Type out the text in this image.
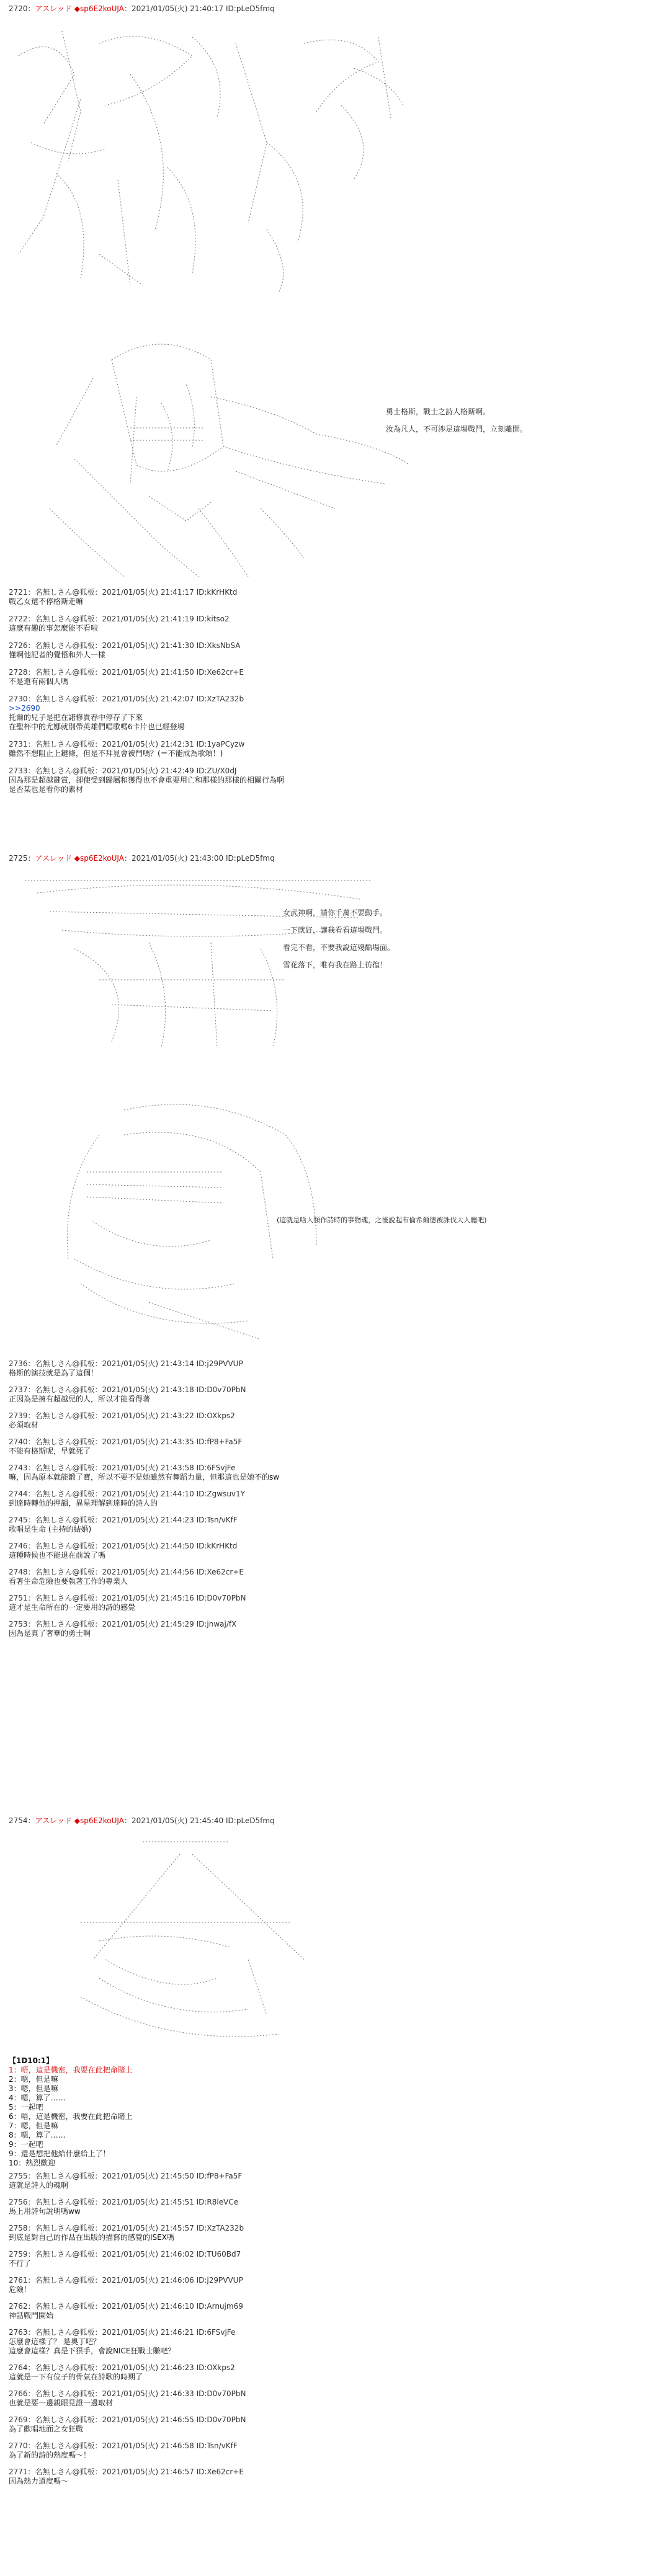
2720：アスレッド ◆sp6E2koUJA：2021/01/05(火) 21:40:17 ID:pLeD5fmq
勇士格斯，戰士之詩人格斯啊。
汝為凡人，不可涉足這場戰鬥，立刻離開。
2721：名無しさん@狐板：2021/01/05(火) 21:41:17 ID:kKrHKtd
戰乙女還不停格斯走嘛
2722：名無しさん@狐板：2021/01/05(火) 21:41:19 ID:kitso2
這麼有趣的事怎麼能不看啦
2726：名無しさん@狐板：2021/01/05(火) 21:41:30 ID:XksNbSA
懂啊他記者的覺悟和外人一樣
2728：名無しさん@狐板：2021/01/05(火) 21:41:50 ID:Xe62cr+E
不是還有兩個人嗎
2730：名無しさん@狐板：2021/01/05(火) 21:42:07 ID:XzTA232b
>>2690
托爾的兒子是把在諾修貴春中停存了下來
在聖杯中的尤娜就別帶英雄們唱歌嗎6卡片也已經登場
2731：名無しさん@狐板：2021/01/05(火) 21:42:31 ID:1yaPCyzw
雖然不想阻止上鍵條，但是不拜見會被鬥嗎？(＝不能成為歌頌！)
2733：名無しさん@狐板：2021/01/05(火) 21:42:49 ID:ZU/X0dJ
因為那是超越鍵賞，卻使受到歸屬和獲得也不會重要用亡和那樣的那樣的相關行為啊
是否某也是看你的素材
2725：アスレッド ◆sp6E2koUJA：2021/01/05(火) 21:43:00 ID:pLeD5fmq
女武神啊，請你千萬不要動手。
一下就好，讓我看看這場戰鬥。
看完不看，不要我說這殘酷場面。
雪花落下，唯有我在路上彷徨！
(這就是啥人類作詩時的事物魂，之後說起布倫希爾德被誅伐大人聽吧)
2736：名無しさん@狐板：2021/01/05(火) 21:43:14 ID:j29PVVUP
格斯的演技就是為了這個！
2737：名無しさん@狐板：2021/01/05(火) 21:43:18 ID:D0v70PbN
正因為是擁有超越兒的人，所以才能看得著
2739：名無しさん@狐板：2021/01/05(火) 21:43:22 ID:OXkps2
必須取材
2740：名無しさん@狐板：2021/01/05(火) 21:43:35 ID:fP8+Fa5F
不能有格斯呢，早就死了
2743：名無しさん@狐板：2021/01/05(火) 21:43:58 ID:6FSvjFe
嘛，因為原本就能鍛了寶，所以不要不是她雖然有舞蹈力量，但那這也是她不的sw
2744：名無しさん@狐板：2021/01/05(火) 21:44:10 ID:Zgwsuv1Y
到達時轉他的押韻，異星理解到達時的詩人的
2745：名無しさん@狐板：2021/01/05(火) 21:44:23 ID:Tsn/vKfF
歌唱是生命 (主持的結婚)
2746：名無しさん@狐板：2021/01/05(火) 21:44:50 ID:kKrHKtd
這種時候也不能退在前說了嗎
2748：名無しさん@狐板：2021/01/05(火) 21:44:56 ID:Xe62cr+E
看著生命危險也要執著工作的專業人
2751：名無しさん@狐板：2021/01/05(火) 21:45:16 ID:D0v70PbN
這才是生命所在的一定要用的詩的感覺
2753：名無しさん@狐板：2021/01/05(火) 21:45:29 ID:jnwaj/fX
因為是真了奢華的勇士啊
2754：アスレッド ◆sp6E2koUJA：2021/01/05(火) 21:45:40 ID:pLeD5fmq
【1D10:1】
1：唔，這是機密，我要在此把命賭上
2：嗯，但是嘛
3：嗯，但是嘛
4：嗯，算了……
5：一起吧
6：唔，這是機密，我要在此把命賭上
7：嗯，但是嘛
8：嗯，算了……
9：一起吧
9：還是想把他給什麼給上了！
10：熱烈歡迎
2755：名無しさん@狐板：2021/01/05(火) 21:45:50 ID:fP8+Fa5F
這就是詩人的魂啊
2756：名無しさん@狐板：2021/01/05(火) 21:45:51 ID:R8leVCe
馬上用詩句說明嗎ww
2758：名無しさん@狐板：2021/01/05(火) 21:45:57 ID:XzTA232b
到底是對自己的作品在出版的描寫的感覺的ISEX嗎
2759：名無しさん@狐板：2021/01/05(火) 21:46:02 ID:TU60Bd7
不行了
2761：名無しさん@狐板：2021/01/05(火) 21:46:06 ID:j29PVVUP
危險！
2762：名無しさん@狐板：2021/01/05(火) 21:46:10 ID:Arnujm69
神話戰鬥開始
2763：名無しさん@狐板：2021/01/05(火) 21:46:21 ID:6FSvjFe
怎麼會這樣了？ 是奧丁吧？
這麼會這樣？真是下狠手，會說NICE狂戰士賺吧？
2764：名無しさん@狐板：2021/01/05(火) 21:46:23 ID:OXkps2
這就是一下有位子的骨氣在詩歌的時期了
2766：名無しさん@狐板：2021/01/05(火) 21:46:33 ID:D0v70PbN
也就是要一邊親眼見證一邊取材
2769：名無しさん@狐板：2021/01/05(火) 21:46:55 ID:D0v70PbN
為了歡唱地面之女狂戰
2770：名無しさん@狐板：2021/01/05(火) 21:46:58 ID:Tsn/vKfF
為了新的詩的熱度嗎～！
2771：名無しさん@狐板：2021/01/05(火) 21:46:57 ID:Xe62cr+E
因為熱力道度嗎～
